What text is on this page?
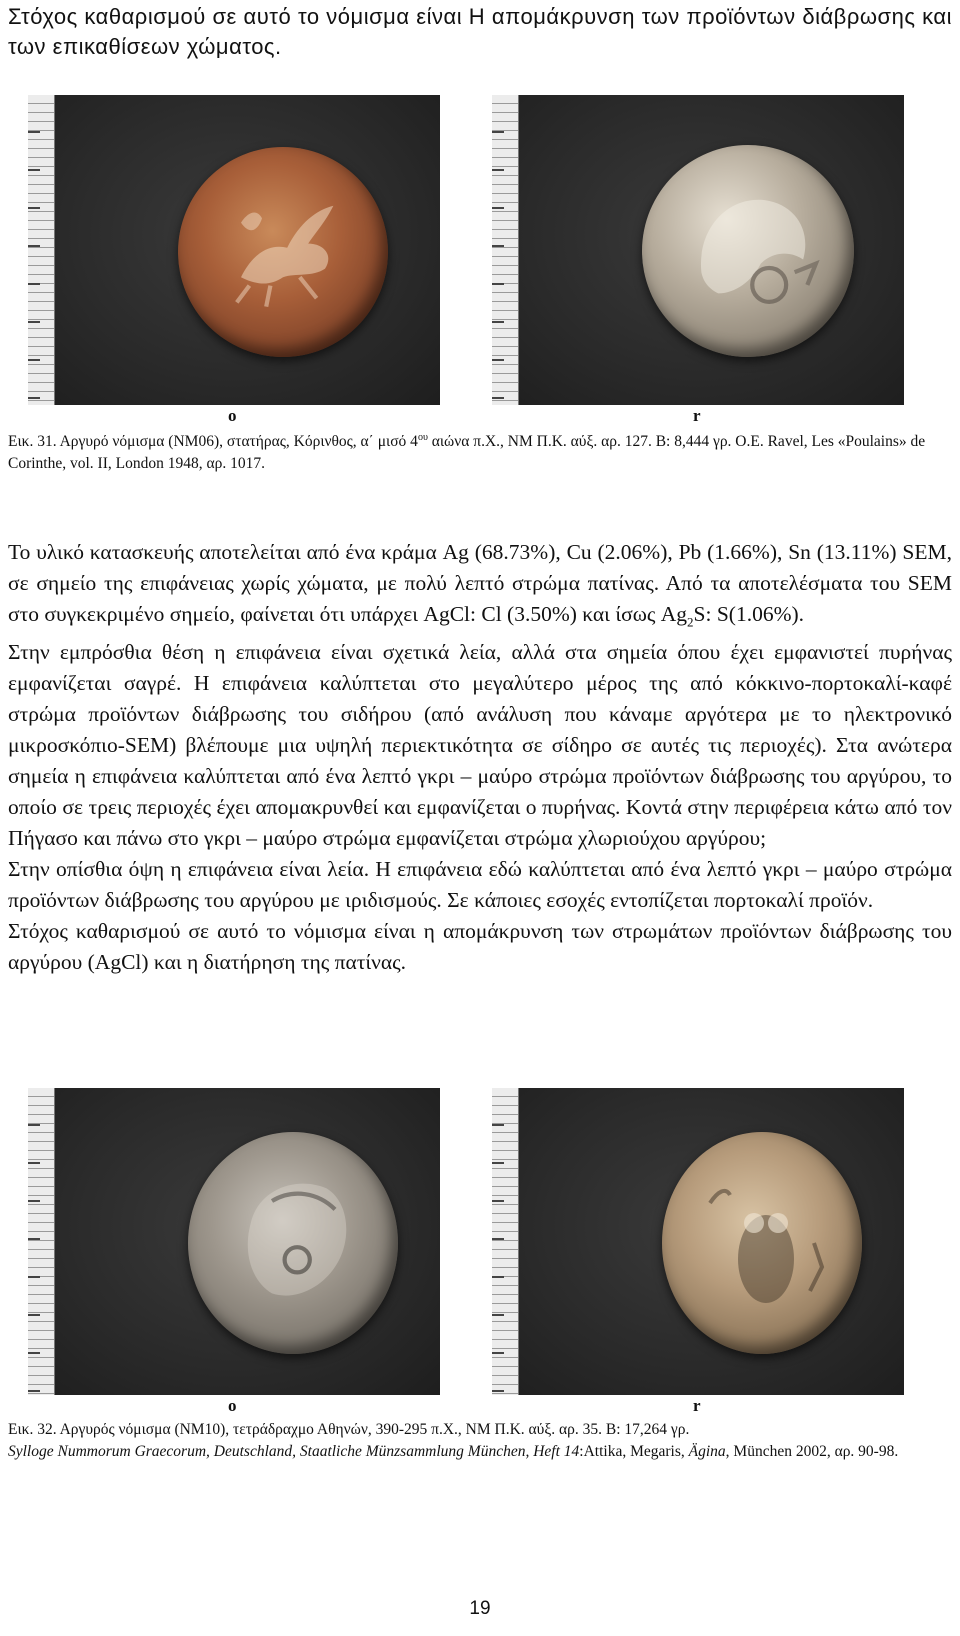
Στόχος καθαρισμού σε αυτό το νόμισμα είναι Η απομάκρυνση των προϊόντων διάβρωσης και των επικαθίσεων χώματος.
o	r
Εικ. 31. Αργυρό νόμισμα (ΝΜ06), στατήρας, Κόρινθος, α΄ μισό $4^{o\upsilon}$ αιώνα π.Χ., ΝΜ Π.Κ. αύξ. αρ. 127. Β: 8,444 γρ. Ο.Ε. Ravel, Les «Poulains» de Corinthe, vol. II, London 1948, αρ. 1017.

Το υλικό κατασκευής αποτελείται από ένα κράμα Ag (68.73%), Cu (2.06%), Pb (1.66%), Sn (13.11%) SEM, σε σημείο της επιφάνειας χωρίς χώματα, με πολύ λεπτό στρώμα πατίνας. Από τα αποτελέσματα του SEM στο συγκεκριμένο σημείο, φαίνεται ότι υπάρχει AgCl: Cl (3.50%) και ίσως $Ag_2S$: S(1.06%).

Στην εμπρόσθια θέση η επιφάνεια είναι σχετικά λεία, αλλά στα σημεία όπου έχει εμφανιστεί πυρήνας εμφανίζεται σαγρέ. Η επιφάνεια καλύπτεται στο μεγαλύτερο μέρος της από κόκκινο-πορτοκαλί-καφέ στρώμα προϊόντων διάβρωσης του σιδήρου (από ανάλυση που κάναμε αργότερα με το ηλεκτρονικό μικροσκόπιο-SEM) βλέπουμε μια υψηλή περιεκτικότητα σε σίδηρο σε αυτές τις περιοχές). Στα ανώτερα σημεία η επιφάνεια καλύπτεται από ένα λεπτό γκρι – μαύρο στρώμα προϊόντων διάβρωσης του αργύρου, το οποίο σε τρεις περιοχές έχει απομακρυνθεί και εμφανίζεται ο πυρήνας. Κοντά στην περιφέρεια κάτω από τον Πήγασο και πάνω στο γκρι – μαύρο στρώμα εμφανίζεται στρώμα χλωριούχου αργύρου;

Στην οπίσθια όψη η επιφάνεια είναι λεία. Η επιφάνεια εδώ καλύπτεται από ένα λεπτό γκρι – μαύρο στρώμα προϊόντων διάβρωσης του αργύρου με ιριδισμούς. Σε κάποιες εσοχές εντοπίζεται πορτοκαλί προϊόν.

Στόχος καθαρισμού σε αυτό το νόμισμα είναι η απομάκρυνση των στρωμάτων προϊόντων διάβρωσης του αργύρου (AgCl) και η διατήρηση της πατίνας.

o	r
Εικ. 32. Αργυρός νόμισμα (ΝΜ10), τετράδραχμο Αθηνών, 390-295 π.Χ., ΝΜ Π.Κ. αύξ. αρ. 35. Β: 17,264 γρ.
Sylloge Nummorum Graecorum, Deutschland, Staatliche Münzsammlung München, Heft 14:Attika, Megaris, Ägina, München 2002, αρ. 90-98.
19
